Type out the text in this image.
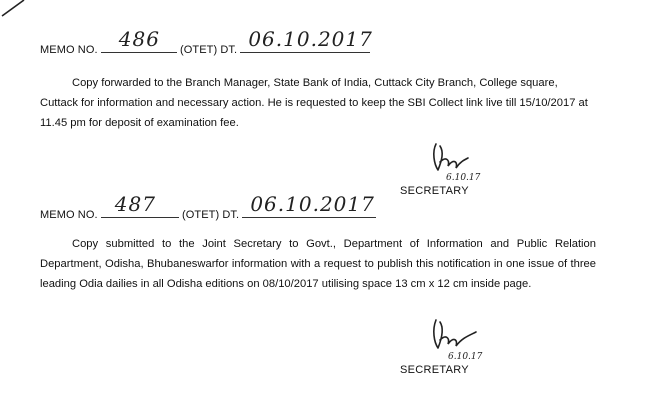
MEMO NO. 486 (OTET) DT. 06.10.2017
Copy forwarded to the Branch Manager, State Bank of India, Cuttack City Branch, College square, Cuttack for information and necessary action. He is requested to keep the SBI Collect link live till 15/10/2017 at 11.45 pm for deposit of examination fee.
6.10.17
SECRETARY
MEMO NO. 487 (OTET) DT. 06.10.2017
Copy submitted to the Joint Secretary to Govt., Department of Information and Public Relation Department, Odisha, Bhubaneswarfor information with a request to publish this notification in one issue of three leading Odia dailies in all Odisha editions on 08/10/2017 utilising space 13 cm x 12 cm inside page.
6.10.17
SECRETARY
